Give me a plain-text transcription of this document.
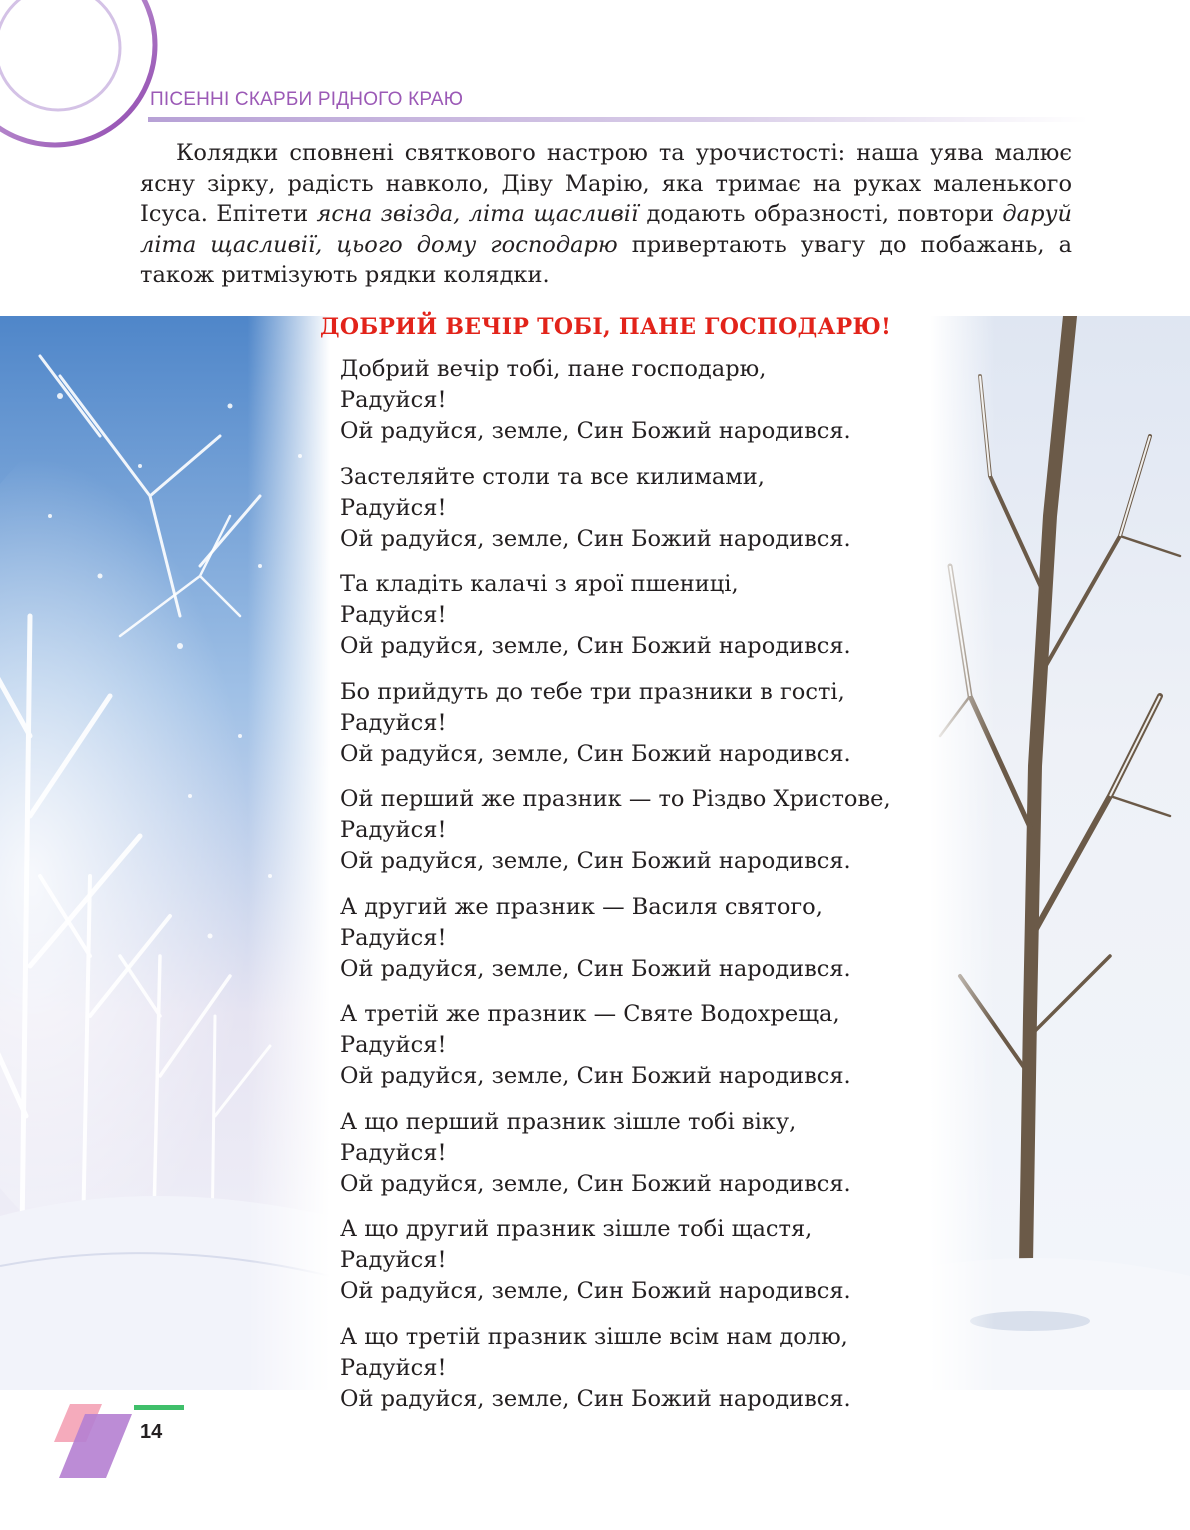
ПІСЕННІ СКАРБИ РІДНОГО КРАЮ

Колядки сповнені святкового настрою та урочистості: наша уява малює ясну зірку, радість навколо, Діву Марію, яка тримає на руках маленького Ісуса. Епітети ясна звізда, літа щасливії додають образності, повтори даруй літа щасливії, цього дому господарю привертають увагу до побажань, а також ритмізують рядки колядки.

ДОБРИЙ ВЕЧІР ТОБІ, ПАНЕ ГОСПОДАРЮ!
Добрий вечір тобі, пане господарю,
Радуйся!
Ой радуйся, земле, Син Божий народився.
Застеляйте столи та все килимами,
Радуйся!
Ой радуйся, земле, Син Божий народився.
Та кладіть калачі з ярої пшениці,
Радуйся!
Ой радуйся, земле, Син Божий народився.
Бо прийдуть до тебе три празники в гості,
Радуйся!
Ой радуйся, земле, Син Божий народився.
Ой перший же празник — то Різдво Христове,
Радуйся!
Ой радуйся, земле, Син Божий народився.
А другий же празник — Василя святого,
Радуйся!
Ой радуйся, земле, Син Божий народився.
А третій же празник — Святе Водохреща,
Радуйся!
Ой радуйся, земле, Син Божий народився.
А що перший празник зішле тобі віку,
Радуйся!
Ой радуйся, земле, Син Божий народився.
А що другий празник зішле тобі щастя,
Радуйся!
Ой радуйся, земле, Син Божий народився.
А що третій празник зішле всім нам долю,
Радуйся!
Ой радуйся, земле, Син Божий народився.
14
